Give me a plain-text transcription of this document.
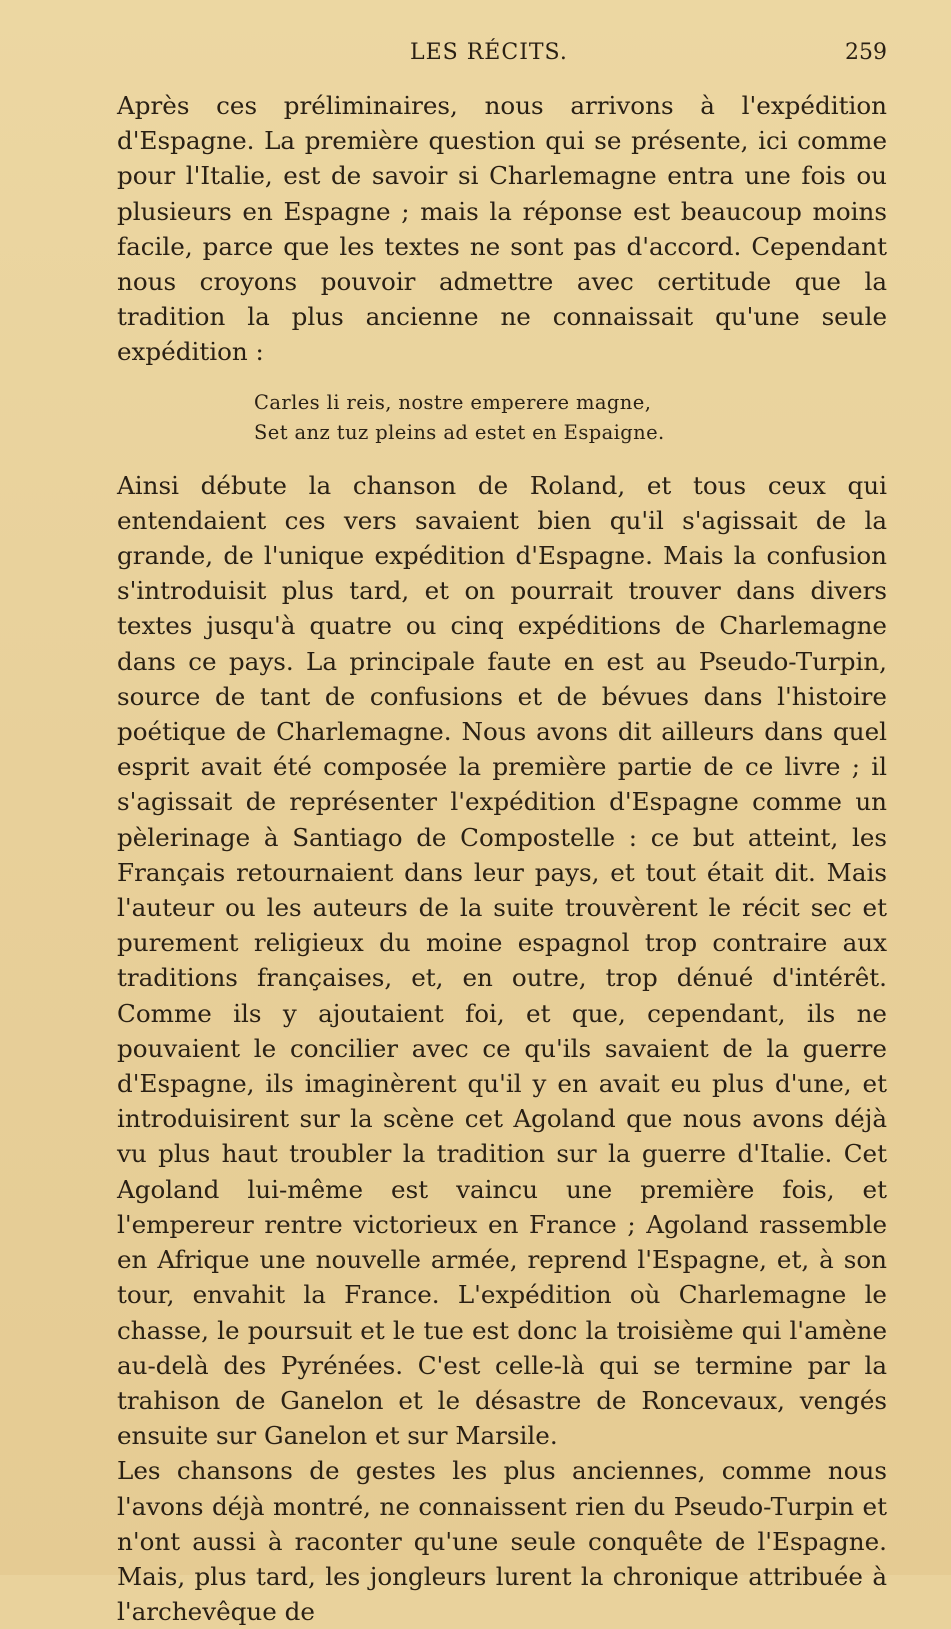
LES RÉCITS.	259

Après ces préliminaires, nous arrivons à l'expédition d'Espagne. La première question qui se présente, ici comme pour l'Italie, est de savoir si Charlemagne entra une fois ou plusieurs en Espagne ; mais la réponse est beaucoup moins facile, parce que les textes ne sont pas d'accord. Cependant nous croyons pouvoir admettre avec certitude que la tradition la plus ancienne ne connaissait qu'une seule expédition :

Carles li reis, nostre emperere magne,
Set anz tuz pleins ad estet en Espaigne.

Ainsi débute la chanson de Roland, et tous ceux qui entendaient ces vers savaient bien qu'il s'agissait de la grande, de l'unique expédition d'Espagne. Mais la confusion s'introduisit plus tard, et on pourrait trouver dans divers textes jusqu'à quatre ou cinq expéditions de Charlemagne dans ce pays. La principale faute en est au Pseudo-Turpin, source de tant de confusions et de bévues dans l'histoire poétique de Charlemagne. Nous avons dit ailleurs dans quel esprit avait été composée la première partie de ce livre ; il s'agissait de représenter l'expédition d'Espagne comme un pèlerinage à Santiago de Compostelle : ce but atteint, les Français retournaient dans leur pays, et tout était dit. Mais l'auteur ou les auteurs de la suite trouvèrent le récit sec et purement religieux du moine espagnol trop contraire aux traditions françaises, et, en outre, trop dénué d'intérêt. Comme ils y ajoutaient foi, et que, cependant, ils ne pouvaient le concilier avec ce qu'ils savaient de la guerre d'Espagne, ils imaginèrent qu'il y en avait eu plus d'une, et introduisirent sur la scène cet Agoland que nous avons déjà vu plus haut troubler la tradition sur la guerre d'Italie. Cet Agoland lui-même est vaincu une première fois, et l'empereur rentre victorieux en France ; Agoland rassemble en Afrique une nouvelle armée, reprend l'Espagne, et, à son tour, envahit la France. L'expédition où Charlemagne le chasse, le poursuit et le tue est donc la troisième qui l'amène au-delà des Pyrénées. C'est celle-là qui se termine par la trahison de Ganelon et le désastre de Roncevaux, vengés ensuite sur Ganelon et sur Marsile.

Les chansons de gestes les plus anciennes, comme nous l'avons déjà montré, ne connaissent rien du Pseudo-Turpin et n'ont aussi à raconter qu'une seule conquête de l'Espagne. Mais, plus tard, les jongleurs lurent la chronique attribuée à l'archevêque de
